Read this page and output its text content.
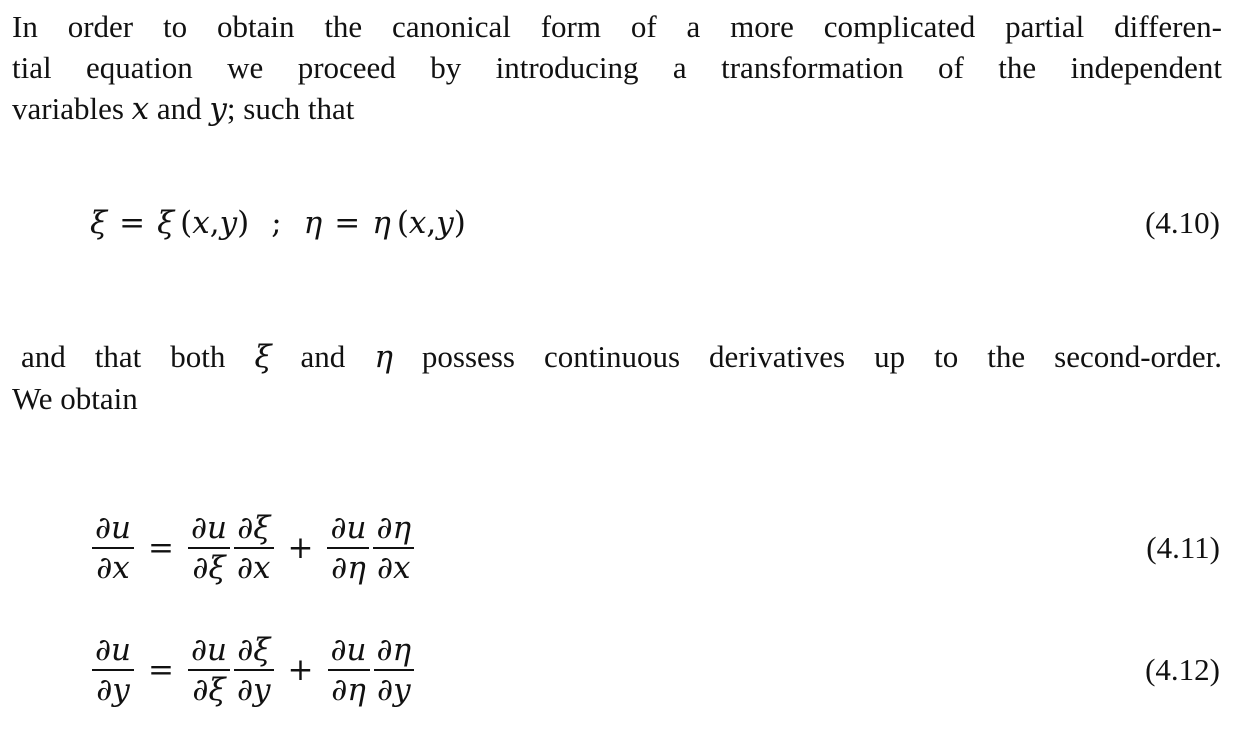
In order to obtain the canonical form of a more complicated partial differen-
tial equation we proceed by introducing a transformation of the independent
variables x and y; such that

ξ = ξ ( x , y ) ; η = η ( x , y )	(4.10)

and that both ξ and η possess continuous derivatives up to the second-order.
We obtain

$\frac{\partial u}{\partial x} = \frac{\partial u}{\partial\xi} \frac{\partial\xi}{\partial x} + \frac{\partial u}{\partial\eta} \frac{\partial\eta}{\partial x}$	(4.11)
$\frac{\partial u}{\partial y} = \frac{\partial u}{\partial\xi} \frac{\partial\xi}{\partial y} + \frac{\partial u}{\partial\eta} \frac{\partial\eta}{\partial y}$	(4.12)
